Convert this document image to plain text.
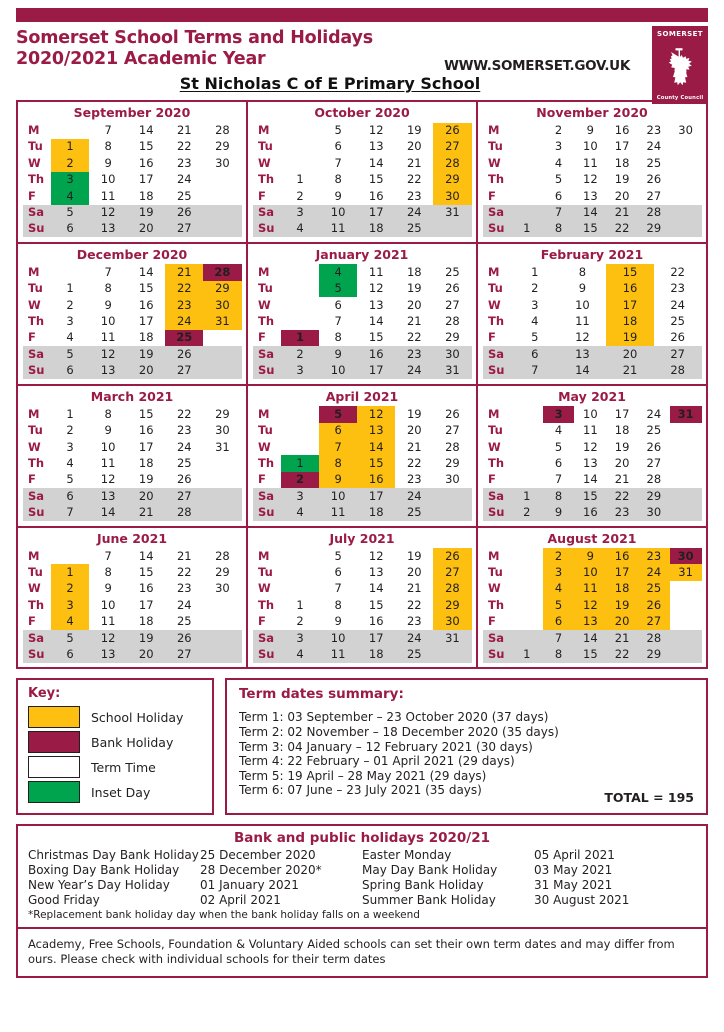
Somerset School Terms and Holidays
2020/2021 Academic Year	WWW.SOMERSET.GOV.UK
St Nicholas C of E Primary School
SOMERSET
County Council
September 2020
M		7	14	21	28
Tu	1	8	15	22	29
W	2	9	16	23	30
Th	3	10	17	24	
F	4	11	18	25	
Sa	5	12	19	26	
Su	6	13	20	27	
October 2020
M		5	12	19	26
Tu		6	13	20	27
W		7	14	21	28
Th	1	8	15	22	29
F	2	9	16	23	30
Sa	3	10	17	24	31
Su	4	11	18	25	
November 2020
M		2	9	16	23	30
Tu		3	10	17	24	
W		4	11	18	25	
Th		5	12	19	26	
F		6	13	20	27	
Sa		7	14	21	28	
Su	1	8	15	22	29	
December 2020
M		7	14	21	28
Tu	1	8	15	22	29
W	2	9	16	23	30
Th	3	10	17	24	31
F	4	11	18	25	
Sa	5	12	19	26	
Su	6	13	20	27	
January 2021
M		4	11	18	25
Tu		5	12	19	26
W		6	13	20	27
Th		7	14	21	28
F	1	8	15	22	29
Sa	2	9	16	23	30
Su	3	10	17	24	31
February 2021
M	1	8	15	22
Tu	2	9	16	23
W	3	10	17	24
Th	4	11	18	25
F	5	12	19	26
Sa	6	13	20	27
Su	7	14	21	28
March 2021
M	1	8	15	22	29
Tu	2	9	16	23	30
W	3	10	17	24	31
Th	4	11	18	25	
F	5	12	19	26	
Sa	6	13	20	27	
Su	7	14	21	28	
April 2021
M		5	12	19	26
Tu		6	13	20	27
W		7	14	21	28
Th	1	8	15	22	29
F	2	9	16	23	30
Sa	3	10	17	24	
Su	4	11	18	25	
May 2021
M		3	10	17	24	31
Tu		4	11	18	25	
W		5	12	19	26	
Th		6	13	20	27	
F		7	14	21	28	
Sa	1	8	15	22	29	
Su	2	9	16	23	30	
June 2021
M		7	14	21	28
Tu	1	8	15	22	29
W	2	9	16	23	30
Th	3	10	17	24	
F	4	11	18	25	
Sa	5	12	19	26	
Su	6	13	20	27	
July 2021
M		5	12	19	26
Tu		6	13	20	27
W		7	14	21	28
Th	1	8	15	22	29
F	2	9	16	23	30
Sa	3	10	17	24	31
Su	4	11	18	25	
August 2021
M		2	9	16	23	30
Tu		3	10	17	24	31
W		4	11	18	25	
Th		5	12	19	26	
F		6	13	20	27	
Sa		7	14	21	28	
Su	1	8	15	22	29	
Key:
School Holiday
Bank Holiday
Term Time
Inset Day
Term dates summary:
Term 1: 03 September – 23 October 2020 (37 days)
Term 2: 02 November – 18 December 2020 (35 days)
Term 3: 04 January – 12 February 2021 (30 days)
Term 4: 22 February – 01 April 2021 (29 days)
Term 5: 19 April – 28 May 2021 (29 days)
Term 6: 07 June – 23 July 2021 (35 days)
TOTAL = 195
Bank and public holidays 2020/21
Christmas Day Bank Holiday 25 December 2020
Boxing Day Bank Holiday	28 December 2020*
New Year’s Day Holiday	01 January 2021
Good Friday	02 April 2021
Easter Monday	05 April 2021
May Day Bank Holiday	03 May 2021
Spring Bank Holiday	31 May 2021
Summer Bank Holiday	30 August 2021
*Replacement bank holiday day when the bank holiday falls on a weekend
Academy, Free Schools, Foundation & Voluntary Aided schools can set their own term dates and may differ from ours. Please check with individual schools for their term dates
